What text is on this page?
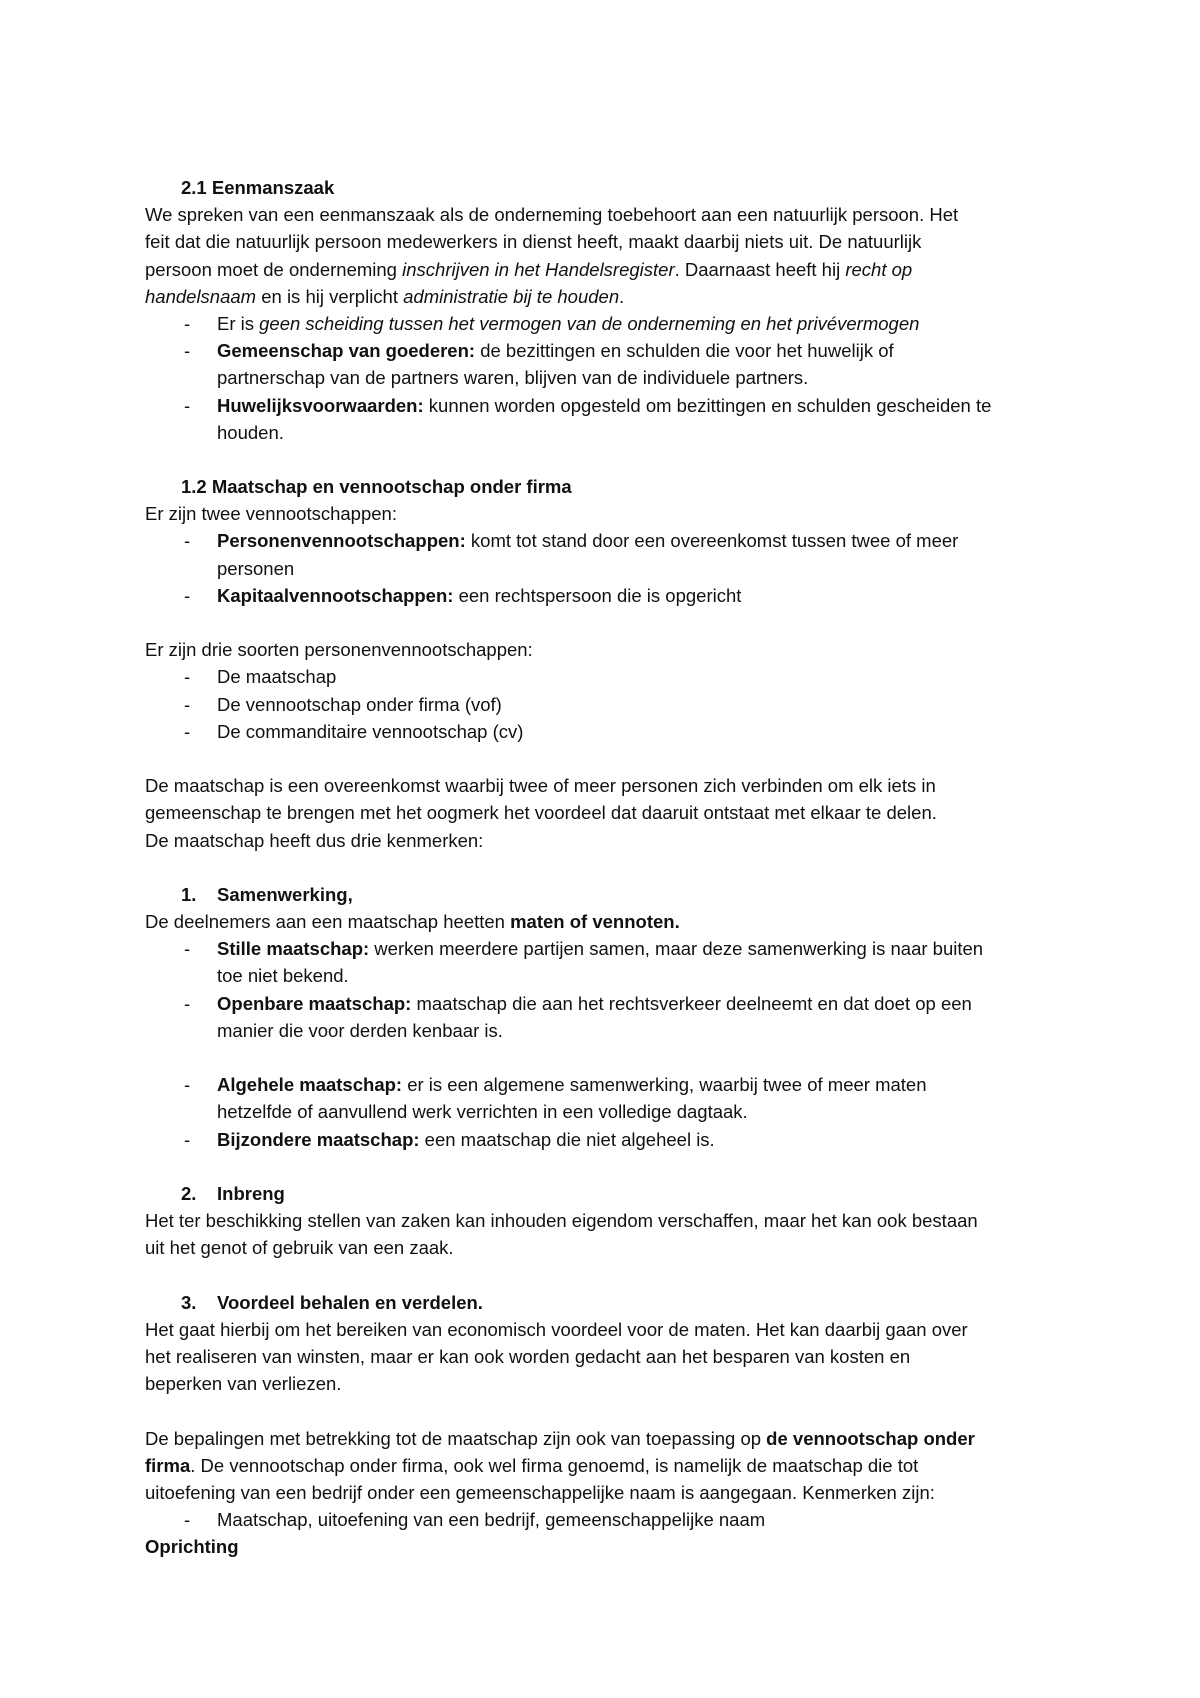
2.1 Eenmanszaak
We spreken van een eenmanszaak als de onderneming toebehoort aan een natuurlijk persoon. Het
feit dat die natuurlijk persoon medewerkers in dienst heeft, maakt daarbij niets uit. De natuurlijk
persoon moet de onderneming inschrijven in het Handelsregister. Daarnaast heeft hij recht op
handelsnaam en is hij verplicht administratie bij te houden.
- Er is geen scheiding tussen het vermogen van de onderneming en het privévermogen
- Gemeenschap van goederen: de bezittingen en schulden die voor het huwelijk of
partnerschap van de partners waren, blijven van de individuele partners.
- Huwelijksvoorwaarden: kunnen worden opgesteld om bezittingen en schulden gescheiden te
houden.
1.2 Maatschap en vennootschap onder firma
Er zijn twee vennootschappen:
- Personenvennootschappen: komt tot stand door een overeenkomst tussen twee of meer
personen
- Kapitaalvennootschappen: een rechtspersoon die is opgericht
Er zijn drie soorten personenvennootschappen:
- De maatschap
- De vennootschap onder firma (vof)
- De commanditaire vennootschap (cv)
De maatschap is een overeenkomst waarbij twee of meer personen zich verbinden om elk iets in
gemeenschap te brengen met het oogmerk het voordeel dat daaruit ontstaat met elkaar te delen.
De maatschap heeft dus drie kenmerken:
1. Samenwerking,
De deelnemers aan een maatschap heetten maten of vennoten.
- Stille maatschap: werken meerdere partijen samen, maar deze samenwerking is naar buiten
toe niet bekend.
- Openbare maatschap: maatschap die aan het rechtsverkeer deelneemt en dat doet op een
manier die voor derden kenbaar is.
- Algehele maatschap: er is een algemene samenwerking, waarbij twee of meer maten
hetzelfde of aanvullend werk verrichten in een volledige dagtaak.
- Bijzondere maatschap: een maatschap die niet algeheel is.
2. Inbreng
Het ter beschikking stellen van zaken kan inhouden eigendom verschaffen, maar het kan ook bestaan
uit het genot of gebruik van een zaak.
3. Voordeel behalen en verdelen.
Het gaat hierbij om het bereiken van economisch voordeel voor de maten. Het kan daarbij gaan over
het realiseren van winsten, maar er kan ook worden gedacht aan het besparen van kosten en
beperken van verliezen.
De bepalingen met betrekking tot de maatschap zijn ook van toepassing op de vennootschap onder
firma. De vennootschap onder firma, ook wel firma genoemd, is namelijk de maatschap die tot
uitoefening van een bedrijf onder een gemeenschappelijke naam is aangegaan. Kenmerken zijn:
- Maatschap, uitoefening van een bedrijf, gemeenschappelijke naam
Oprichting
